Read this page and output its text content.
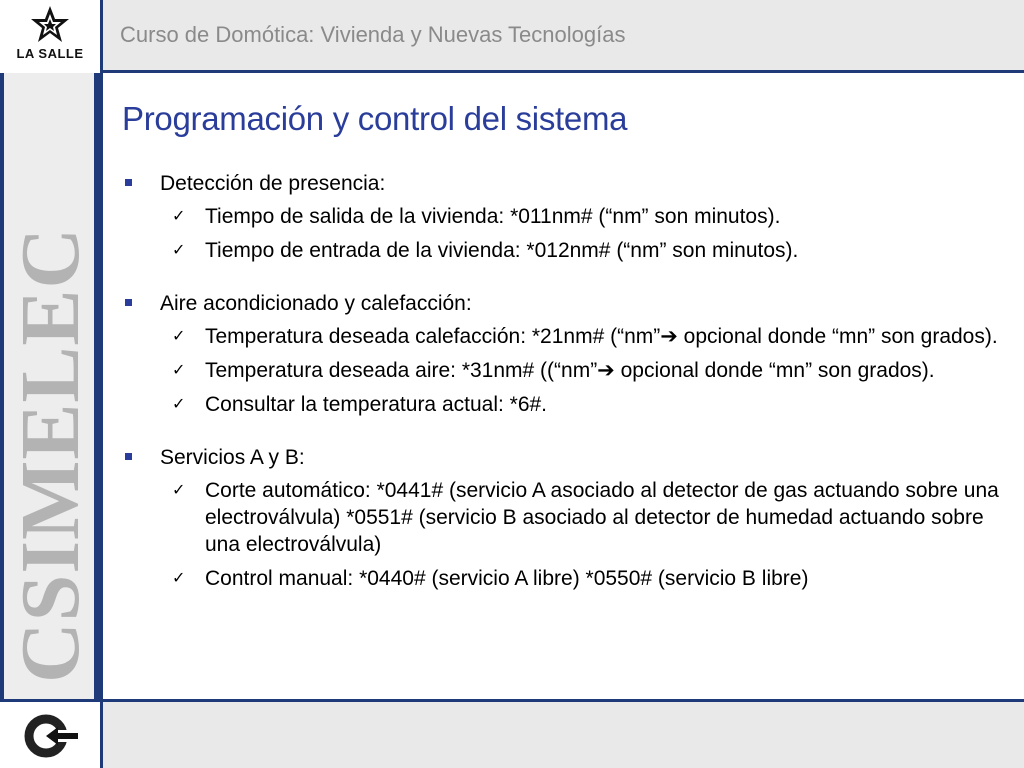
LA SALLE
Curso de Domótica: Vivienda y Nuevas Tecnologías
CSIMELEC
Programación y control del sistema
Detección de presencia:
✓ Tiempo de salida de la vivienda: *011nm# (“nm” son minutos).
✓ Tiempo de entrada de la vivienda: *012nm# (“nm” son minutos).
Aire acondicionado y calefacción:
✓ Temperatura deseada calefacción: *21nm# (“nm”➔ opcional donde “mn” son grados).
✓ Temperatura deseada aire: *31nm# ((“nm”➔ opcional donde “mn” son grados).
✓ Consultar la temperatura actual: *6#.
Servicios A y B:
✓ Corte automático: *0441# (servicio A asociado al detector de gas actuando sobre una electroválvula) *0551# (servicio B asociado al detector de humedad actuando sobre una electroválvula)
✓ Control manual: *0440# (servicio A libre) *0550# (servicio B libre)
